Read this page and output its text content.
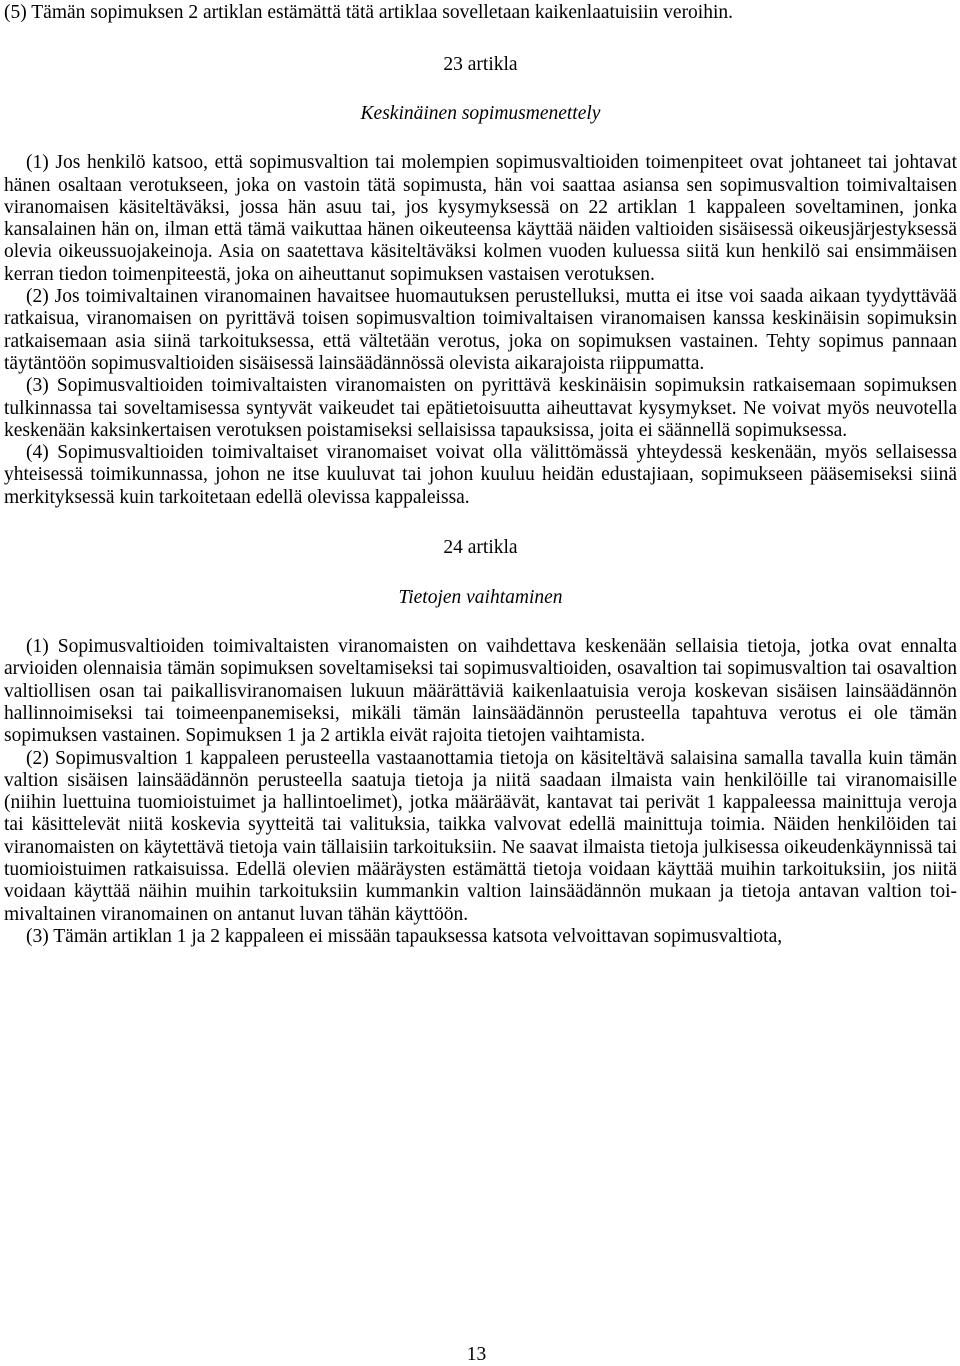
(5) Tämän sopimuksen 2 artiklan estämättä tätä artiklaa sovelletaan kaikenlaatuisiin veroihin.

23 artikla

Keskinäinen sopimusmenettely

(1) Jos henkilö katsoo, että sopimusvaltion tai molempien sopimusvaltioiden toimenpiteet ovat johtaneet tai johtavat hänen osaltaan verotukseen, joka on vastoin tätä sopimusta, hän voi saattaa asiansa sen sopimusvaltion toimivaltaisen viranomaisen käsiteltäväksi, jossa hän asuu tai, jos kysymyksessä on 22 artiklan 1 kappaleen soveltaminen, jonka kansalainen hän on, ilman että tämä vaikuttaa hänen oikeuteensa käyttää näiden valtioiden sisäisessä oikeusjärjestyksessä olevia oikeussuojakeinoja. Asia on saatettava käsiteltäväksi kolmen vuoden kuluessa siitä kun henkilö sai ensimmäisen kerran tiedon toimenpiteestä, joka on aiheuttanut sopimuksen vastaisen verotuksen.

(2) Jos toimivaltainen viranomainen havaitsee huomautuksen perustelluksi, mutta ei itse voi saada aikaan tyydyttävää ratkaisua, viranomaisen on pyrittävä toisen sopimusvaltion toimivaltaisen viranomaisen kanssa keskinäisin sopimuksin ratkaisemaan asia siinä tarkoituksessa, että vältetään verotus, joka on sopimuksen vastainen. Tehty sopimus pannaan täytäntöön sopimusvaltioiden sisäisessä lainsäädännössä olevista aikarajoista riippumatta.

(3) Sopimusvaltioiden toimivaltaisten viranomaisten on pyrittävä keskinäisin sopimuksin ratkaisemaan sopimuksen tulkinnassa tai soveltamisessa syntyvät vaikeudet tai epätietoisuutta aiheuttavat kysymykset. Ne voivat myös neuvotella keskenään kaksinkertaisen verotuksen poistamiseksi sellaisissa tapauksissa, joita ei säännellä sopimuksessa.

(4) Sopimusvaltioiden toimivaltaiset viranomaiset voivat olla välittömässä yhteydessä keskenään, myös sellaisessa yhteisessä toimikunnassa, johon ne itse kuuluvat tai johon kuuluu heidän edustajiaan, sopimukseen pääsemiseksi siinä merkityksessä kuin tarkoitetaan edellä olevissa kappaleissa.

24 artikla

Tietojen vaihtaminen

(1) Sopimusvaltioiden toimivaltaisten viranomaisten on vaihdettava keskenään sellaisia tietoja, jotka ovat ennalta arvioiden olennaisia tämän sopimuksen soveltamiseksi tai sopimusvaltioiden, osavaltion tai sopimusvaltion tai osavaltion valtiollisen osan tai paikallisviranomaisen lukuun määrättäviä kaikenlaatuisia veroja koskevan sisäisen lainsäädännön hallinnoimiseksi tai toimeenpanemiseksi, mikäli tämän lainsäädännön perusteella tapahtuva verotus ei ole tämän sopimuksen vastainen. Sopimuksen 1 ja 2 artikla eivät rajoita tietojen vaihtamista.

(2) Sopimusvaltion 1 kappaleen perusteella vastaanottamia tietoja on käsiteltävä salaisina samalla tavalla kuin tämän valtion sisäisen lainsäädännön perusteella saatuja tietoja ja niitä saadaan ilmaista vain henkilöille tai viranomaisille (niihin luettuina tuomioistuimet ja hallintoelimet), jotka määräävät, kantavat tai perivät 1 kappaleessa mainittuja veroja tai käsittelevät niitä koskevia syytteitä tai valituksia, taikka valvovat edellä mainittuja toimia. Näiden henkilöiden tai viranomaisten on käytettävä tietoja vain tällaisiin tarkoituksiin. Ne saavat ilmaista tietoja julkisessa oikeudenkäynnissä tai tuomioistuimen ratkaisuissa. Edellä olevien määräysten estämättä tietoja voidaan käyttää muihin tarkoituksiin, jos niitä voidaan käyttää näihin muihin tarkoituksiin kummankin valtion lainsäädännön mukaan ja tietoja antavan valtion toimivaltainen viranomainen on antanut luvan tähän käyttöön.

(3) Tämän artiklan 1 ja 2 kappaleen ei missään tapauksessa katsota velvoittavan sopimusvaltiota,

13
